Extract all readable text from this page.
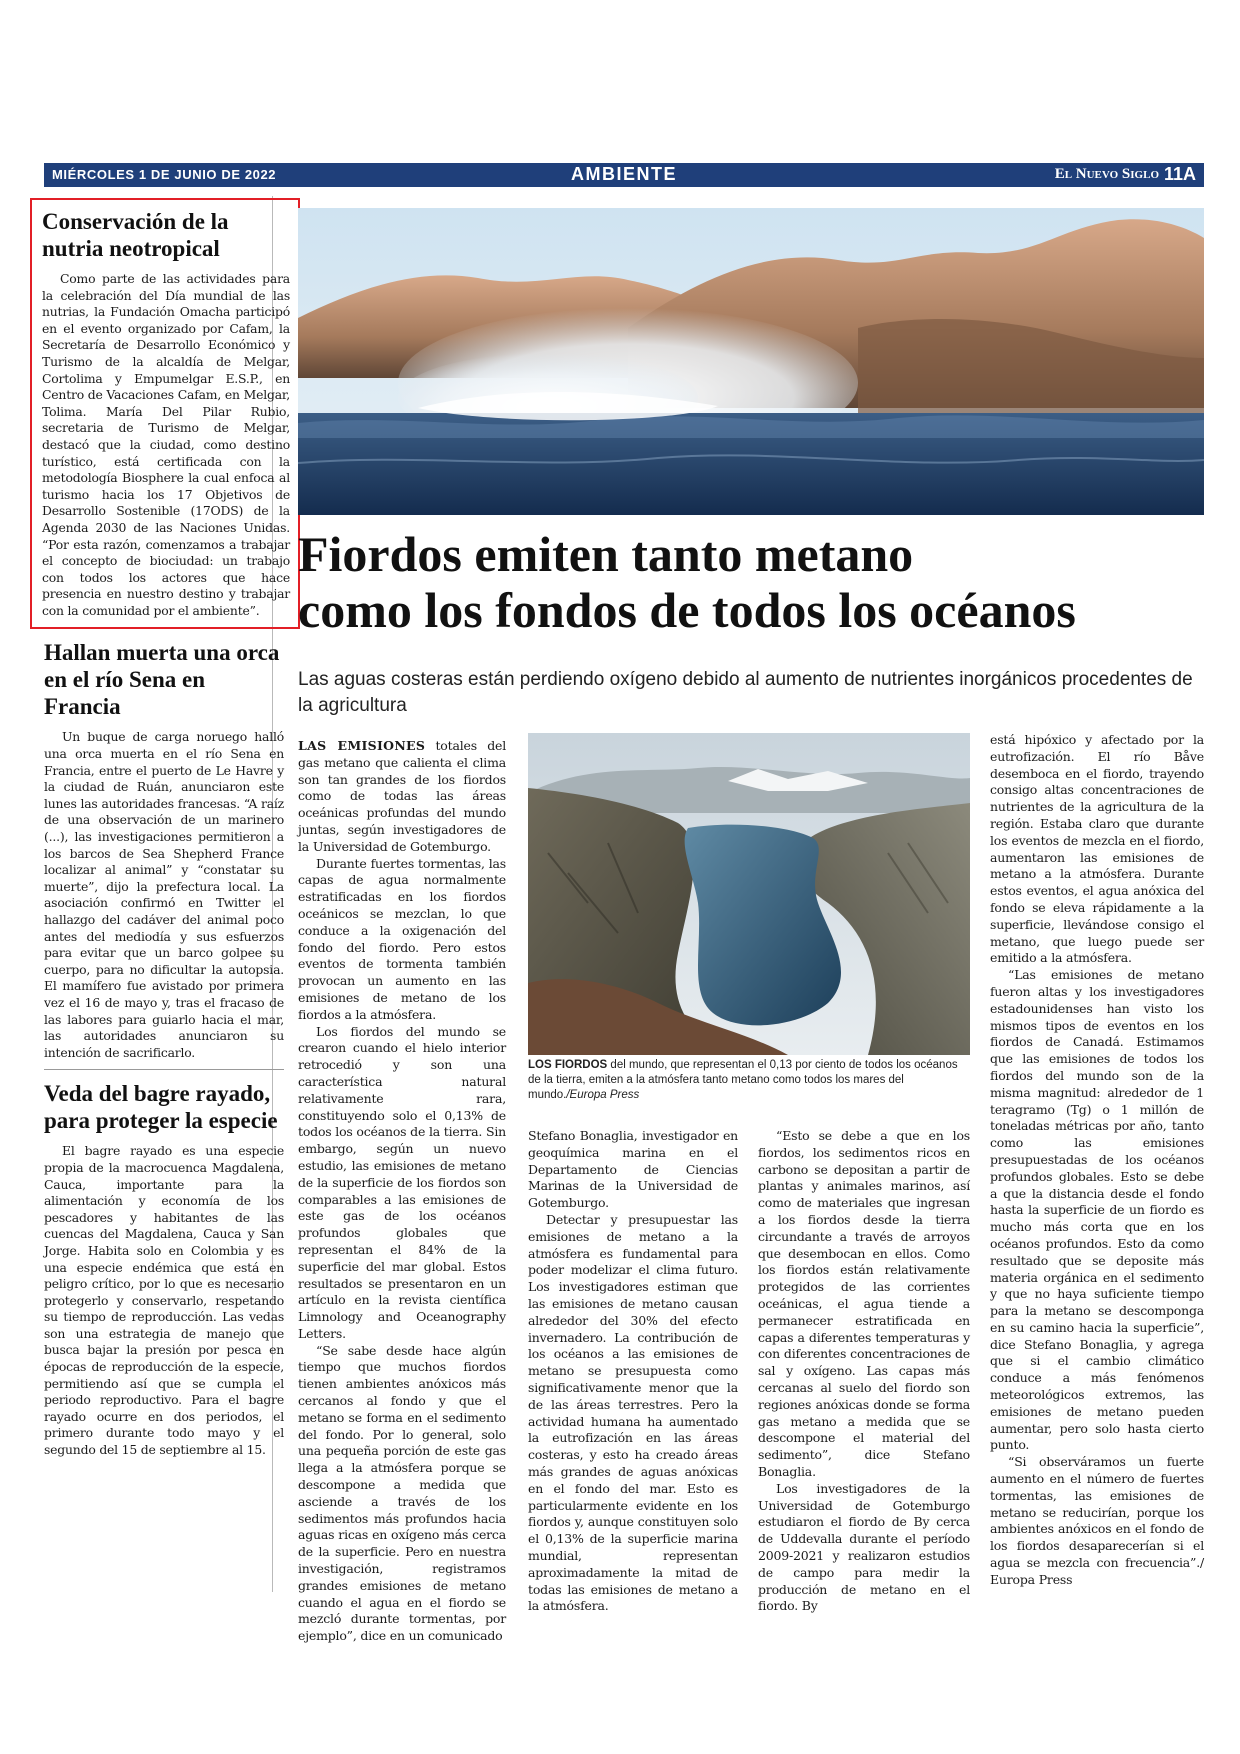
MIÉRCOLES 1 DE JUNIO DE 2022	AMBIENTE	El Nuevo Siglo 11A
Conservación de la nutria neotropical

Como parte de las actividades para la celebración del Día mundial de las nutrias, la Fundación Omacha participó en el evento organizado por Cafam, la Secretaría de Desarrollo Económico y Turismo de la alcaldía de Melgar, Cortolima y Empumelgar E.S.P., en Centro de Vacaciones Cafam, en Melgar, Tolima. María Del Pilar Rubio, secretaria de Turismo de Melgar, destacó que la ciudad, como destino turístico, está certificada con la metodología Biosphere la cual enfoca al turismo hacia los 17 Objetivos de Desarrollo Sostenible (17ODS) de la Agenda 2030 de las Naciones Unidas. “Por esta razón, comenzamos a trabajar el concepto de biociudad: un trabajo con todos los actores que hace presencia en nuestro destino y trabajar con la comunidad por el ambiente”.

Hallan muerta una orca en el río Sena en Francia

Un buque de carga noruego halló una orca muerta en el río Sena en Francia, entre el puerto de Le Havre y la ciudad de Ruán, anunciaron este lunes las autoridades francesas. “A raíz de una observación de un marinero (...), las investigaciones permitieron a los barcos de Sea Shepherd France localizar al animal” y “constatar su muerte”, dijo la prefectura local. La asociación confirmó en Twitter el hallazgo del cadáver del animal poco antes del mediodía y sus esfuerzos para evitar que un barco golpee su cuerpo, para no dificultar la autopsia. El mamífero fue avistado por primera vez el 16 de mayo y, tras el fracaso de las labores para guiarlo hacia el mar, las autoridades anunciaron su intención de sacrificarlo.

Veda del bagre rayado, para proteger la especie

El bagre rayado es una especie propia de la macrocuenca Magdalena, Cauca, importante para la alimentación y economía de los pescadores y habitantes de las cuencas del Magdalena, Cauca y San Jorge. Habita solo en Colombia y es una especie endémica que está en peligro crítico, por lo que es necesario protegerlo y conservarlo, respetando su tiempo de reproducción. Las vedas son una estrategia de manejo que busca bajar la presión por pesca en épocas de reproducción de la especie, permitiendo así que se cumpla el periodo reproductivo. Para el bagre rayado ocurre en dos periodos, el primero durante todo mayo y el segundo del 15 de septiembre al 15.

Fiordos emiten tanto metano
como los fondos de todos los océanos

Las aguas costeras están perdiendo oxígeno debido al aumento de nutrientes inorgánicos procedentes de la agricultura

LAS EMISIONES totales del gas metano que calienta el clima son tan grandes de los fiordos como de todas las áreas oceánicas profundas del mundo juntas, según investigadores de la Universidad de Gotemburgo.

Durante fuertes tormentas, las capas de agua normalmente estratificadas en los fiordos oceánicos se mezclan, lo que conduce a la oxigenación del fondo del fiordo. Pero estos eventos de tormenta también provocan un aumento en las emisiones de metano de los fiordos a la atmósfera.

Los fiordos del mundo se crearon cuando el hielo interior retrocedió y son una característica natural relativamente rara, constituyendo solo el 0,13% de todos los océanos de la tierra. Sin embargo, según un nuevo estudio, las emisiones de metano de la superficie de los fiordos son comparables a las emisiones de este gas de los océanos profundos globales que representan el 84% de la superficie del mar global. Estos resultados se presentaron en un artículo en la revista científica Limnology and Oceanography Letters.

“Se sabe desde hace algún tiempo que muchos fiordos tienen ambientes anóxicos más cercanos al fondo y que el metano se forma en el sedimento del fondo. Por lo general, solo una pequeña porción de este gas llega a la atmósfera porque se descompone a medida que asciende a través de los sedimentos más profundos hacia aguas ricas en oxígeno más cerca de la superficie. Pero en nuestra investigación, registramos grandes emisiones de metano cuando el agua en el fiordo se mezcló durante tormentas, por ejemplo”, dice en un comunicado

LOS FIORDOS del mundo, que representan el 0,13 por ciento de todos los océanos de la tierra, emiten a la atmósfera tanto metano como todos los mares del mundo./Europa Press

Stefano Bonaglia, investigador en geoquímica marina en el Departamento de Ciencias Marinas de la Universidad de Gotemburgo.

Detectar y presupuestar las emisiones de metano a la atmósfera es fundamental para poder modelizar el clima futuro. Los investigadores estiman que las emisiones de metano causan alrededor del 30% del efecto invernadero. La contribución de los océanos a las emisiones de metano se presupuesta como significativamente menor que la de las áreas terrestres. Pero la actividad humana ha aumentado la eutrofización en las áreas costeras, y esto ha creado áreas más grandes de aguas anóxicas en el fondo del mar. Esto es particularmente evidente en los fiordos y, aunque constituyen solo el 0,13% de la superficie marina mundial, representan aproximadamente la mitad de todas las emisiones de metano a la atmósfera.

“Esto se debe a que en los fiordos, los sedimentos ricos en carbono se depositan a partir de plantas y animales marinos, así como de materiales que ingresan a los fiordos desde la tierra circundante a través de arroyos que desembocan en ellos. Como los fiordos están relativamente protegidos de las corrientes oceánicas, el agua tiende a permanecer estratificada en capas a diferentes temperaturas y con diferentes concentraciones de sal y oxígeno. Las capas más cercanas al suelo del fiordo son regiones anóxicas donde se forma gas metano a medida que se descompone el material del sedimento”, dice Stefano Bonaglia.

Los investigadores de la Universidad de Gotemburgo estudiaron el fiordo de By cerca de Uddevalla durante el período 2009-2021 y realizaron estudios de campo para medir la producción de metano en el fiordo. By

está hipóxico y afectado por la eutrofización. El río Båve desemboca en el fiordo, trayendo consigo altas concentraciones de nutrientes de la agricultura de la región. Estaba claro que durante los eventos de mezcla en el fiordo, aumentaron las emisiones de metano a la atmósfera. Durante estos eventos, el agua anóxica del fondo se eleva rápidamente a la superficie, llevándose consigo el metano, que luego puede ser emitido a la atmósfera.

“Las emisiones de metano fueron altas y los investigadores estadounidenses han visto los mismos tipos de eventos en los fiordos de Canadá. Estimamos que las emisiones de todos los fiordos del mundo son de la misma magnitud: alrededor de 1 teragramo (Tg) o 1 millón de toneladas métricas por año, tanto como las emisiones presupuestadas de los océanos profundos globales. Esto se debe a que la distancia desde el fondo hasta la superficie de un fiordo es mucho más corta que en los océanos profundos. Esto da como resultado que se deposite más materia orgánica en el sedimento y que no haya suficiente tiempo para la metano se descomponga en su camino hacia la superficie”, dice Stefano Bonaglia, y agrega que si el cambio climático conduce a más fenómenos meteorológicos extremos, las emisiones de metano pueden aumentar, pero solo hasta cierto punto.

“Si observáramos un fuerte aumento en el número de fuertes tormentas, las emisiones de metano se reducirían, porque los ambientes anóxicos en el fondo de los fiordos desaparecerían si el agua se mezcla con frecuencia”./ Europa Press
